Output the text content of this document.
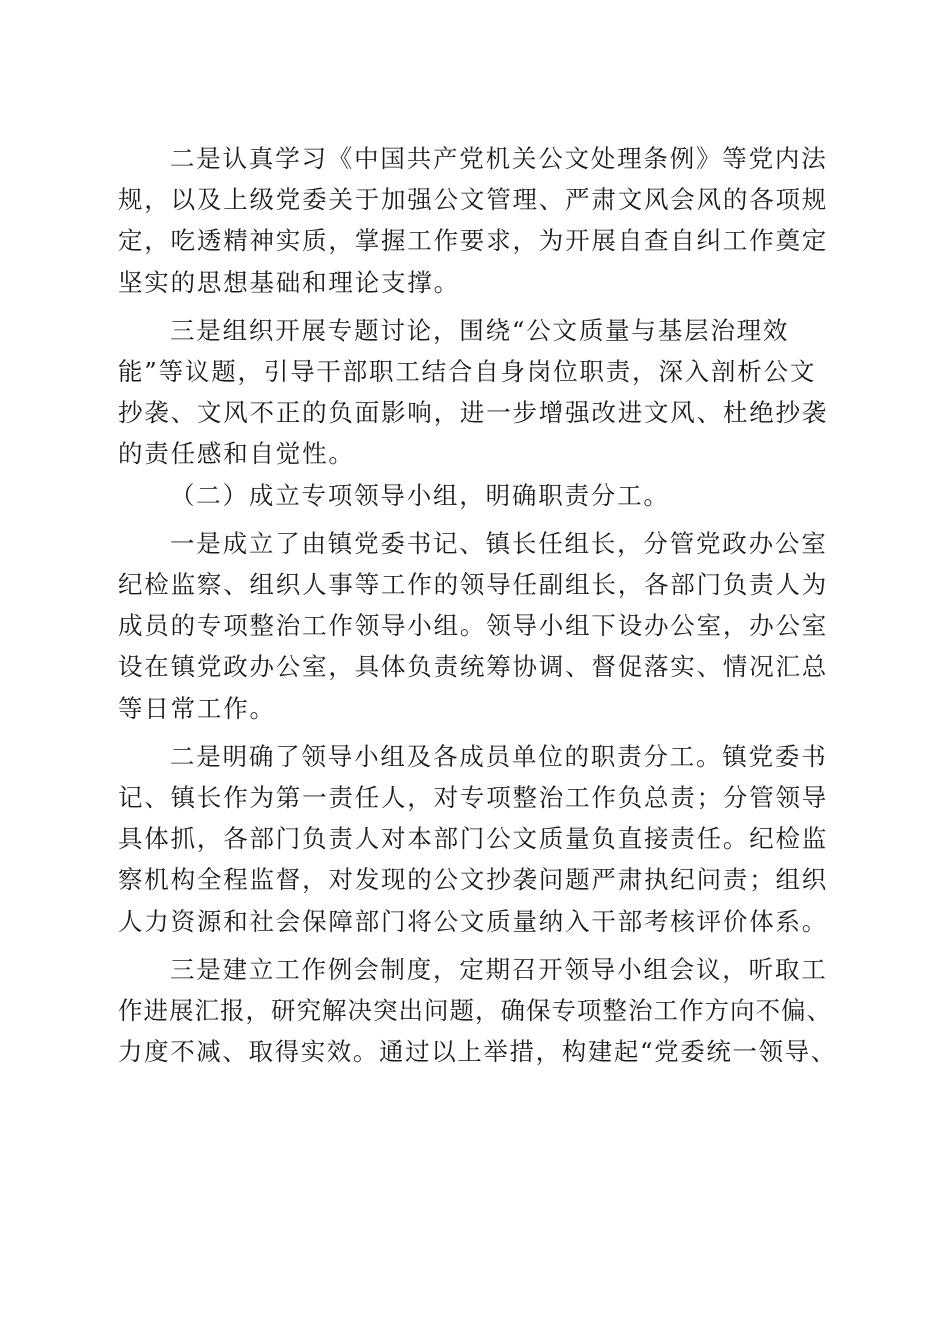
二是认真学习《中国共产党机关公文处理条例》等党内法
规，以及上级党委关于加强公文管理、严肃文风会风的各项规
定，吃透精神实质，掌握工作要求，为开展自查自纠工作奠定
坚实的思想基础和理论支撑。
三是组织开展专题讨论，围绕“公文质量与基层治理效
能”等议题，引导干部职工结合自身岗位职责，深入剖析公文
抄袭、文风不正的负面影响，进一步增强改进文风、杜绝抄袭
的责任感和自觉性。
（二）成立专项领导小组，明确职责分工。
一是成立了由镇党委书记、镇长任组长，分管党政办公室
纪检监察、组织人事等工作的领导任副组长，各部门负责人为
成员的专项整治工作领导小组。领导小组下设办公室，办公室
设在镇党政办公室，具体负责统筹协调、督促落实、情况汇总
等日常工作。
二是明确了领导小组及各成员单位的职责分工。镇党委书
记、镇长作为第一责任人，对专项整治工作负总责；分管领导
具体抓，各部门负责人对本部门公文质量负直接责任。纪检监
察机构全程监督，对发现的公文抄袭问题严肃执纪问责；组织
人力资源和社会保障部门将公文质量纳入干部考核评价体系。
三是建立工作例会制度，定期召开领导小组会议，听取工
作进展汇报，研究解决突出问题，确保专项整治工作方向不偏、
力度不减、取得实效。通过以上举措，构建起“党委统一领导、
